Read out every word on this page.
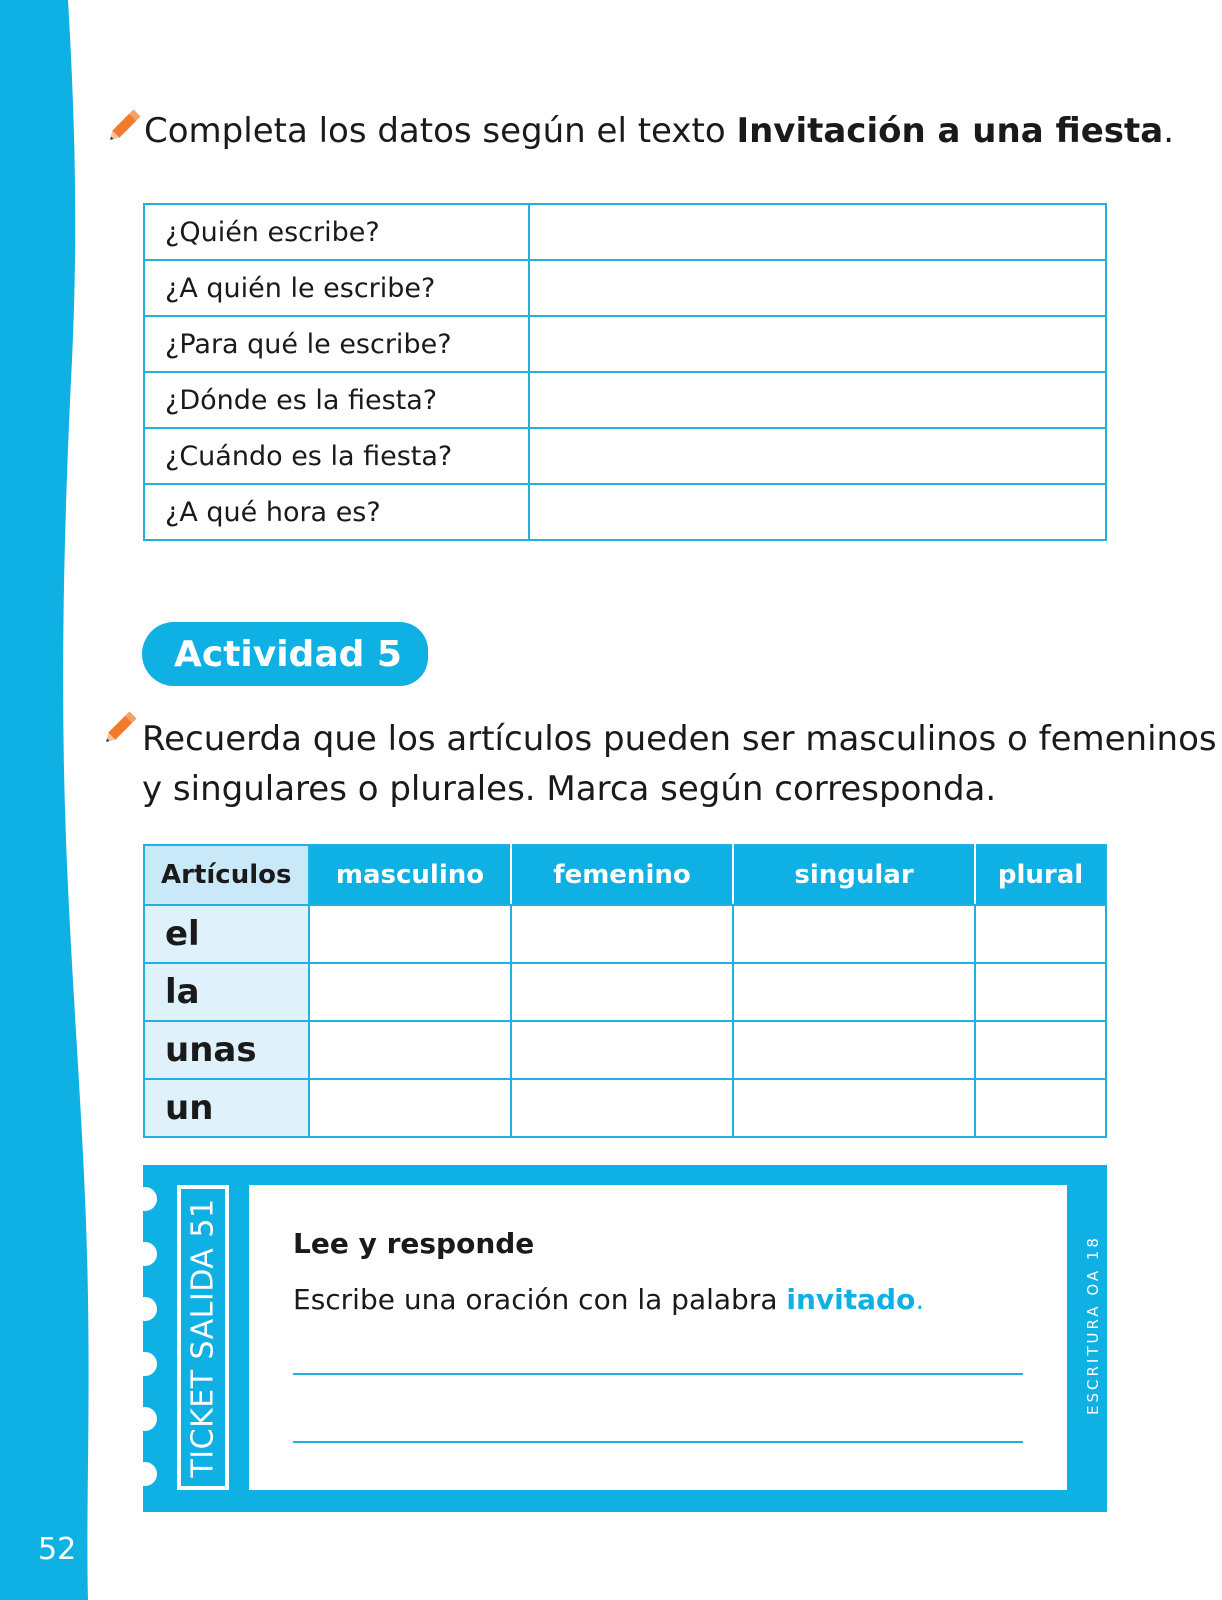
52
Completa los datos según el texto Invitación a una fiesta.
¿Quién escribe?	
¿A quién le escribe?	
¿Para qué le escribe?	
¿Dónde es la fiesta?	
¿Cuándo es la fiesta?	
¿A qué hora es?	
Actividad 5
Recuerda que los artículos pueden ser masculinos o femeninos
y singulares o plurales. Marca según corresponda.
Artículos	masculino	femenino	singular	plural
el				
la				
unas				
un				
TICKET SALIDA 51	Lee y responde
Escribe una oración con la palabra invitado.	ESCRITURA OA 18
